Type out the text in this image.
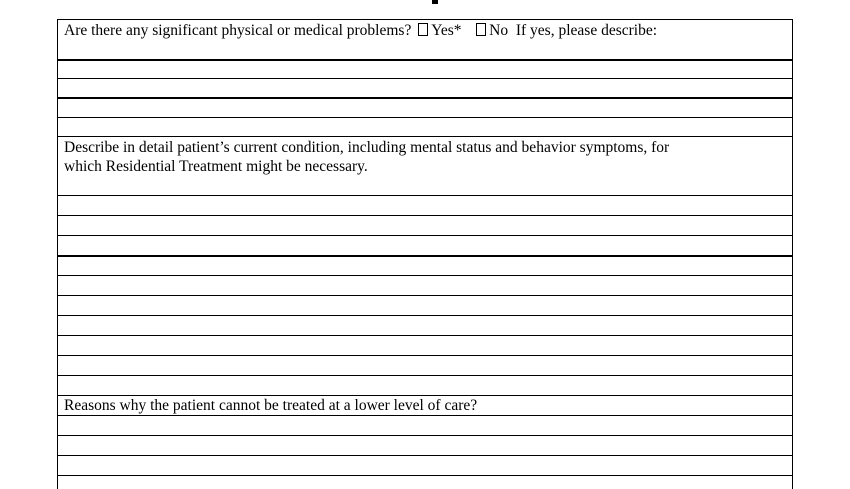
Are there any significant physical or medical problems? Yes* No If yes, please describe:
Describe in detail patient’s current condition, including mental status and behavior symptoms, for
which Residential Treatment might be necessary.
Reasons why the patient cannot be treated at a lower level of care?
